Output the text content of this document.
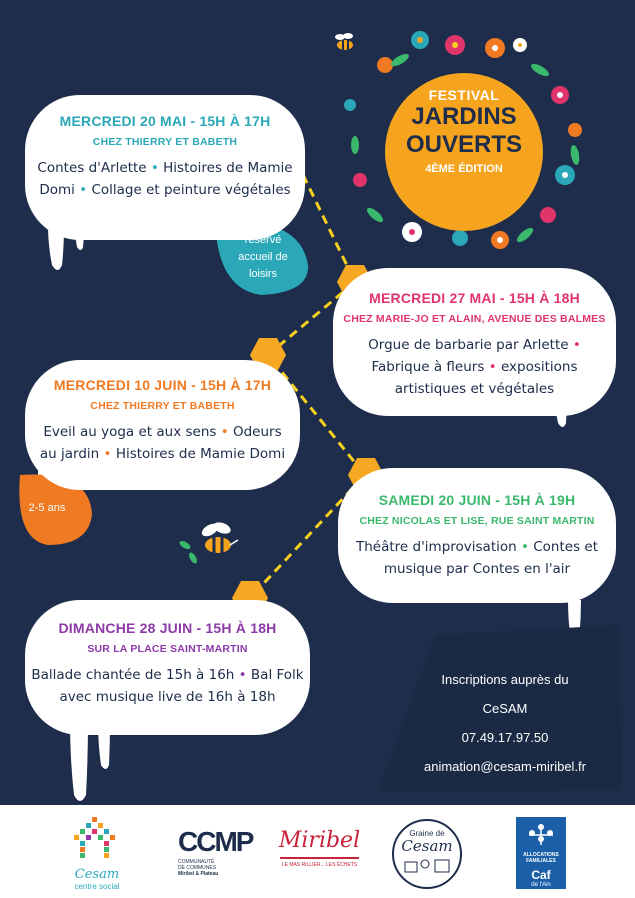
FESTIVAL
JARDINS
OUVERTS
4ÈME ÉDITION
MERCREDI 20 MAI - 15H À 17H
CHEZ THIERRY ET BABETH
Contes d'Arlette • Histoires de Mamie
Domi • Collage et peinture végétales
réservé accueil de loisirs
MERCREDI 27 MAI - 15H À 18H
CHEZ MARIE-JO ET ALAIN, AVENUE DES BALMES
Orgue de barbarie par Arlette •
Fabrique à fleurs • expositions
artistiques et végétales
MERCREDI 10 JUIN - 15H À 17H
CHEZ THIERRY ET BABETH
Eveil au yoga et aux sens • Odeurs
au jardin • Histoires de Mamie Domi
2-5 ans	SAMEDI 20 JUIN - 15H À 19H
CHEZ NICOLAS ET LISE, RUE SAINT MARTIN
Théâtre d'improvisation • Contes et
musique par Contes en l'air
DIMANCHE 28 JUIN - 15H À 18H
SUR LA PLACE SAINT-MARTIN
Ballade chantée de 15h à 16h • Bal Folk
avec musique live de 16h à 18h
Inscriptions auprès du
CeSAM
07.49.17.97.50
animation@cesam-miribel.fr
Cesam
centre social
CCMP
COMMUNAUTÉ
DE COMMUNES
Miribel & Plateau
Miribel
LE MAS RILLIER... LES ÉCHETS
Graine de
Cesam	ALLOCATIONS
FAMILIALES
Caf
de l'Ain
